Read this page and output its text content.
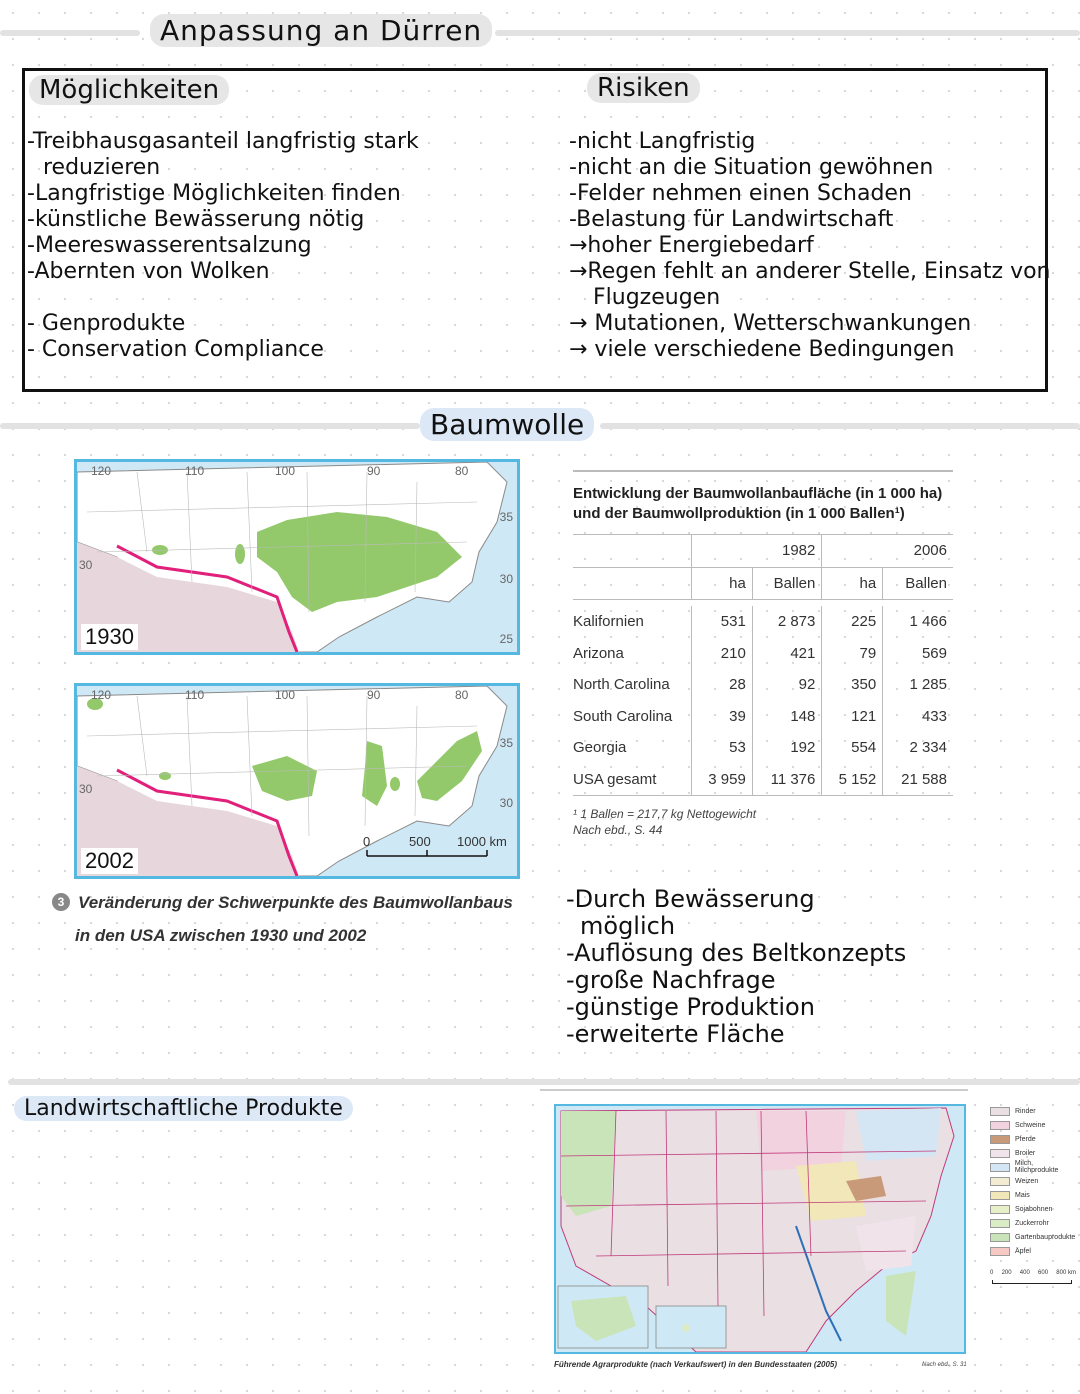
Anpassung an Dürren
Möglichkeiten
-Treibhausgasanteil langfristig stark
reduzieren
-Langfristige Möglichkeiten finden
-künstliche Bewässerung nötig
-Meereswasserentsalzung
-Abernten von Wolken
- Genprodukte
- Conservation Compliance
Risiken
-nicht Langfristig
-nicht an die Situation gewöhnen
-Felder nehmen einen Schaden
-Belastung für Landwirtschaft
→hoher Energiebedarf
→Regen fehlt an anderer Stelle, Einsatz von
Flugzeugen
→ Mutationen, Wetterschwankungen
→ viele verschiedene Bedingungen
Baumwolle
120	110	100	90	80
30
30
35
25
1930
120	110	100	90	80
30
30
35
0	500 1000 km
2002
3 Veränderung der Schwerpunkte des Baumwollanbaus
in den USA zwischen 1930 und 2002
Entwicklung der Baumwollanbaufläche (in 1 000 ha)
und der Baumwollproduktion (in 1 000 Ballen¹)
	1982		2006	
	ha	Ballen	ha	Ballen

Kalifornien	531	2 873	225	1 466
Arizona	210	421	79	569
North Carolina	28	92	350	1 285
South Carolina	39	148	121	433
Georgia	53	192	554	2 334
USA gesamt	3 959	11 376	5 152	21 588
¹ 1 Ballen = 217,7 kg Nettogewicht
Nach ebd., S. 44
-Durch Bewässerung
möglich
-Auflösung des Beltkonzepts
-große Nachfrage
-günstige Produktion
-erweiterte Fläche
Landwirtschaftliche Produkte
Führende Agrarprodukte (nach Verkaufswert) in den Bundesstaaten (2005)	Nach ebd., S. 31
Rinder
Schweine
Pferde
Broiler
Milch, Milchprodukte
Weizen
Mais
Sojabohnen
Zuckerrohr
Gartenbauprodukte
Äpfel
0 200 400 600 800 km
